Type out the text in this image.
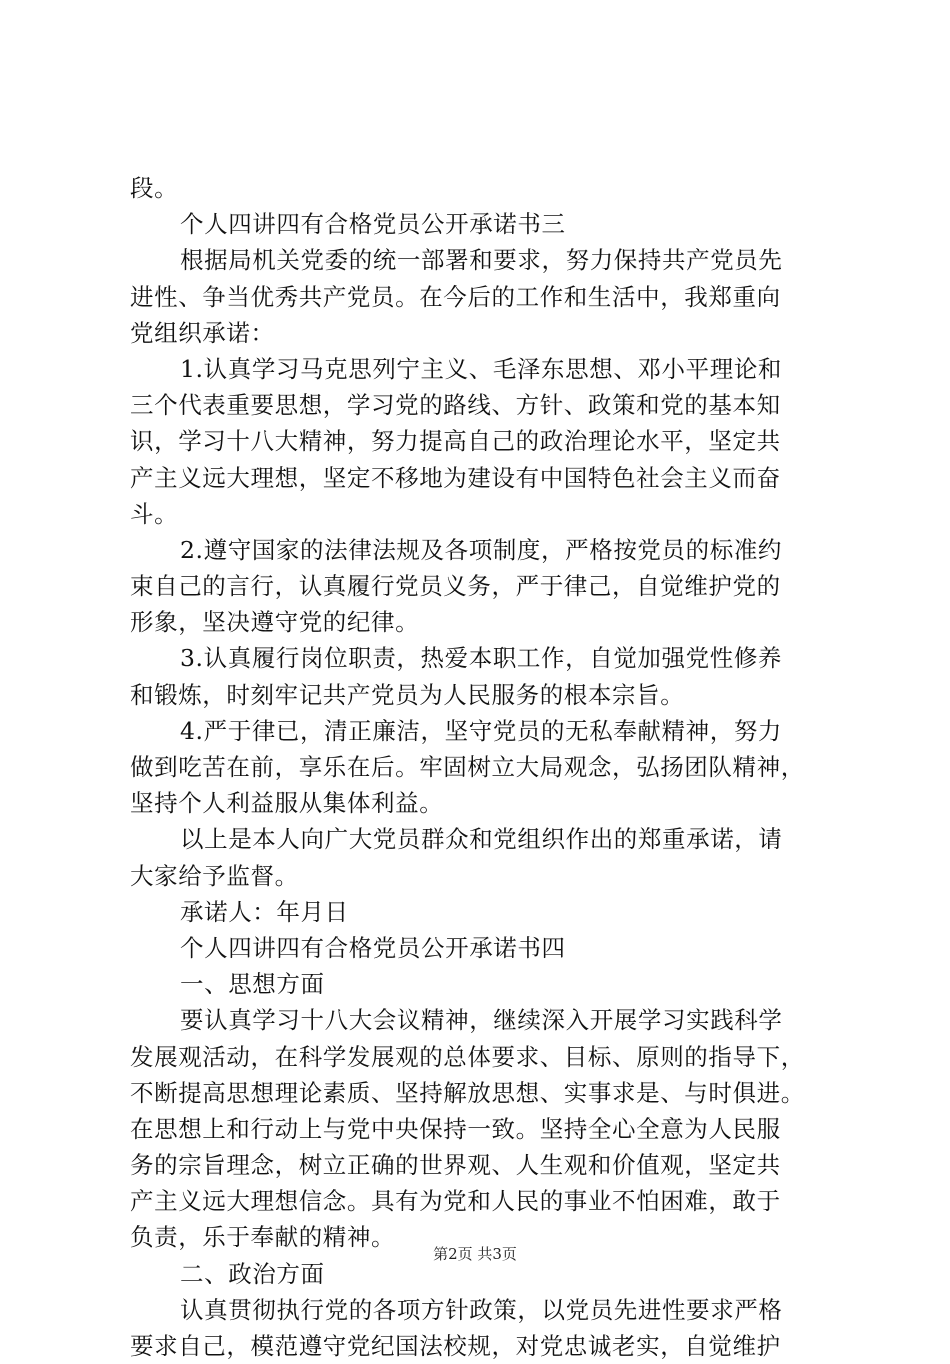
段。
个人四讲四有合格党员公开承诺书三
根据局机关党委的统一部署和要求，努力保持共产党员先
进性、争当优秀共产党员。在今后的工作和生活中，我郑重向
党组织承诺：
1.认真学习马克思列宁主义、毛泽东思想、邓小平理论和
三个代表重要思想，学习党的路线、方针、政策和党的基本知
识，学习十八大精神，努力提高自己的政治理论水平，坚定共
产主义远大理想，坚定不移地为建设有中国特色社会主义而奋
斗。
2.遵守国家的法律法规及各项制度，严格按党员的标准约
束自己的言行，认真履行党员义务，严于律己，自觉维护党的
形象，坚决遵守党的纪律。
3.认真履行岗位职责，热爱本职工作，自觉加强党性修养
和锻炼，时刻牢记共产党员为人民服务的根本宗旨。
4.严于律已，清正廉洁，坚守党员的无私奉献精神，努力
做到吃苦在前，享乐在后。牢固树立大局观念，弘扬团队精神，
坚持个人利益服从集体利益。
以上是本人向广大党员群众和党组织作出的郑重承诺，请
大家给予监督。
承诺人：年月日
个人四讲四有合格党员公开承诺书四
一、思想方面
要认真学习十八大会议精神，继续深入开展学习实践科学
发展观活动，在科学发展观的总体要求、目标、原则的指导下，
不断提高思想理论素质、坚持解放思想、实事求是、与时俱进。
在思想上和行动上与党中央保持一致。坚持全心全意为人民服
务的宗旨理念，树立正确的世界观、人生观和价值观，坚定共
产主义远大理想信念。具有为党和人民的事业不怕困难，敢于
负责，乐于奉献的精神。
二、政治方面
认真贯彻执行党的各项方针政策，以党员先进性要求严格
要求自己，模范遵守党纪国法校规，对党忠诚老实，自觉维护
第2页 共3页
